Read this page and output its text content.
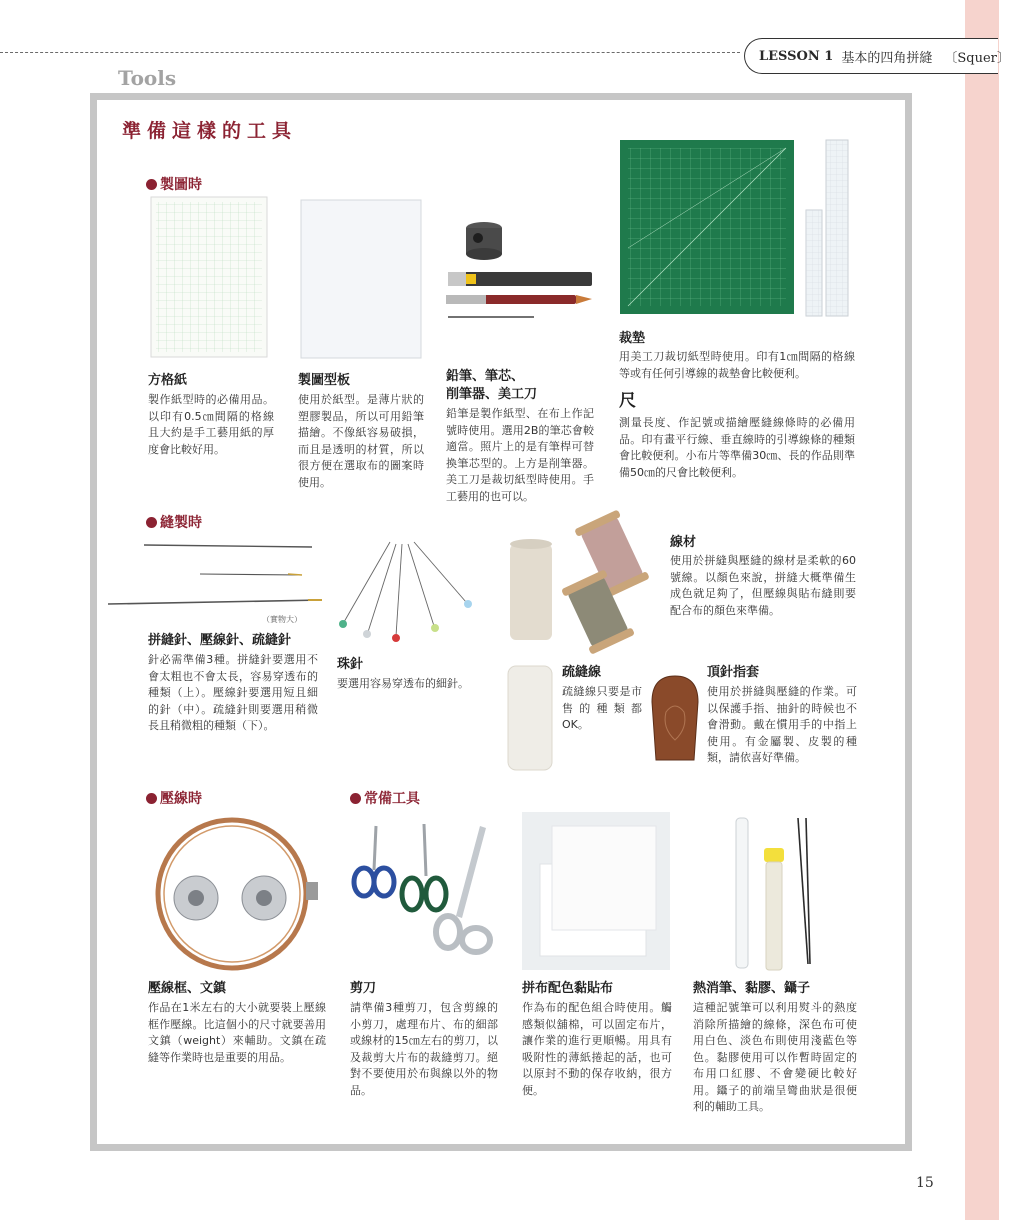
LESSON 1 基本的四角拼縫 〔Squer〕
Tools
準備這樣的工具
製圖時
方格紙
製作紙型時的必備用品。以印有0.5㎝間隔的格線且大約是手工藝用紙的厚度會比較好用。
製圖型板
使用於紙型。是薄片狀的塑膠製品，所以可用鉛筆描繪。不像紙容易破損，而且是透明的材質，所以很方便在選取布的圖案時使用。
鉛筆、筆芯、
削筆器、美工刀
鉛筆是製作紙型、在布上作記號時使用。選用2B的筆芯會較適當。照片上的是有筆桿可替換筆芯型的。上方是削筆器。美工刀是裁切紙型時使用。手工藝用的也可以。
裁墊
用美工刀裁切紙型時使用。印有1㎝間隔的格線等或有任何引導線的裁墊會比較便利。
尺
測量長度、作記號或描繪壓縫線條時的必備用品。印有畫平行線、垂直線時的引導線條的種類會比較便利。小布片等準備30㎝、長的作品則準備50㎝的尺會比較便利。
縫製時
（實物大）
拼縫針、壓線針、疏縫針
針必需準備3種。拼縫針要選用不會太粗也不會太長，容易穿透布的種類（上）。壓線針要選用短且細的針（中）。疏縫針則要選用稍微長且稍微粗的種類（下）。
珠針
要選用容易穿透布的細針。
線材
使用於拼縫與壓縫的線材是柔軟的60號線。以顏色來說，拼縫大概準備生成色就足夠了，但壓線與貼布縫則要配合布的顏色來準備。
疏縫線
疏縫線只要是市售的種類都OK。
頂針指套
使用於拼縫與壓縫的作業。可以保護手指、抽針的時候也不會滑動。戴在慣用手的中指上使用。有金屬製、皮製的種類，請依喜好準備。
壓線時
壓線框、文鎮
作品在1米左右的大小就要裝上壓線框作壓線。比這個小的尺寸就要善用文鎮（weight）來輔助。文鎮在疏縫等作業時也是重要的用品。
常備工具
剪刀
請準備3種剪刀，包含剪線的小剪刀，處理布片、布的細部或線材的15㎝左右的剪刀，以及裁剪大片布的裁縫剪刀。絕對不要使用於布與線以外的物品。
拼布配色黏貼布
作為布的配色組合時使用。觸感類似舖棉，可以固定布片，讓作業的進行更順暢。用具有吸附性的薄紙捲起的話，也可以原封不動的保存收納，很方便。
熱消筆、黏膠、鑷子
這種記號筆可以利用熨斗的熱度消除所描繪的線條，深色布可使用白色、淡色布則使用淺藍色等色。黏膠使用可以作暫時固定的布用口紅膠、不會變硬比較好用。鑷子的前端呈彎曲狀是很便利的輔助工具。
15
